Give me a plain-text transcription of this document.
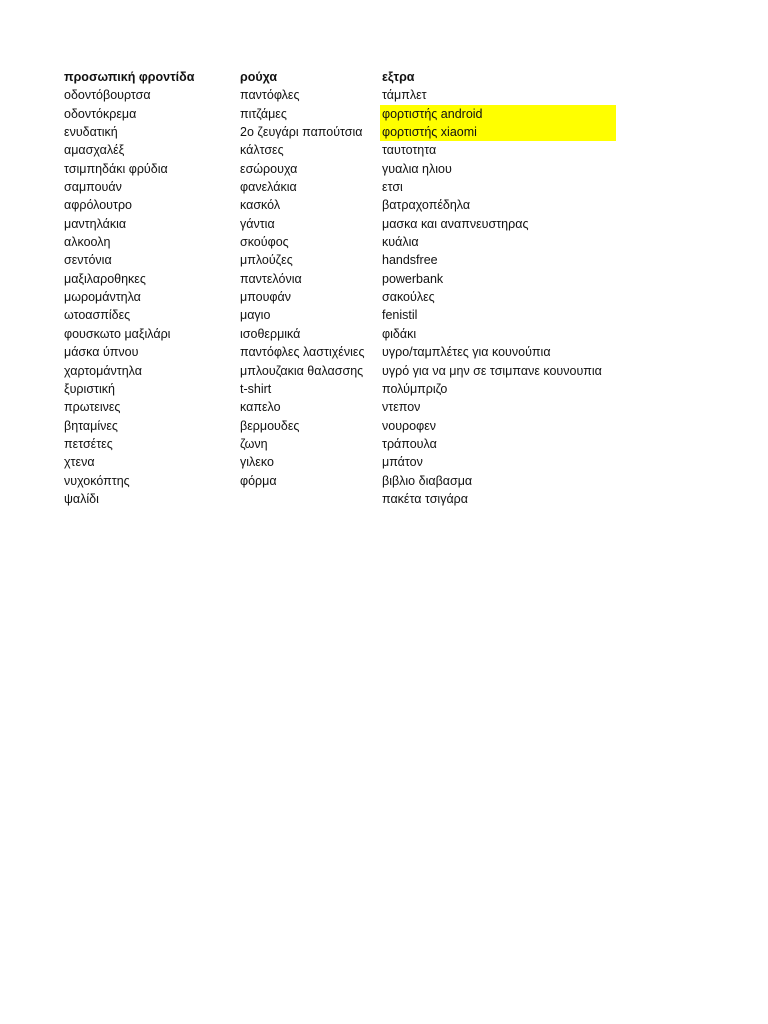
προσωπική φροντίδα
οδοντόβουρτσα
οδοντόκρεμα
ενυδατική
αμασχαλέξ
τσιμπηδάκι φρύδια
σαμπουάν
αφρόλουτρο
μαντηλάκια
αλκοολη
σεντόνια
μαξιλαροθηκες
μωρομάντηλα
ωτοασπίδες
φουσκωτο μαξιλάρι
μάσκα ύπνου
χαρτομάντηλα
ξυριστική
πρωτεινες
βηταμίνες
πετσέτες
χτενα
νυχοκόπτης
ψαλίδι
ρούχα
παντόφλες
πιτζάμες
2ο ζευγάρι παπούτσια
κάλτσες
εσώρουχα
φανελάκια
κασκόλ
γάντια
σκούφος
μπλούζες
παντελόνια
μπουφάν
μαγιο
ισοθερμικά
παντόφλες λαστιχένιες
μπλουζακια θαλασσης
t-shirt
καπελο
βερμουδες
ζωνη
γιλεκο
φόρμα
εξτρα
τάμπλετ
φορτιστής android
φορτιστής xiaomi
ταυτοτητα
γυαλια ηλιου
ετσι
βατραχοπέδηλα
μασκα και αναπνευστηρας
κυάλια
handsfree
powerbank
σακούλες
fenistil
φιδάκι
υγρο/ταμπλέτες για κουνούπια
υγρό για να μην σε τσιμπανε κουνουπια
πολύμπριζο
ντεπον
νουροφεν
τράπουλα
μπάτον
βιβλιο διαβασμα
πακέτα τσιγάρα
